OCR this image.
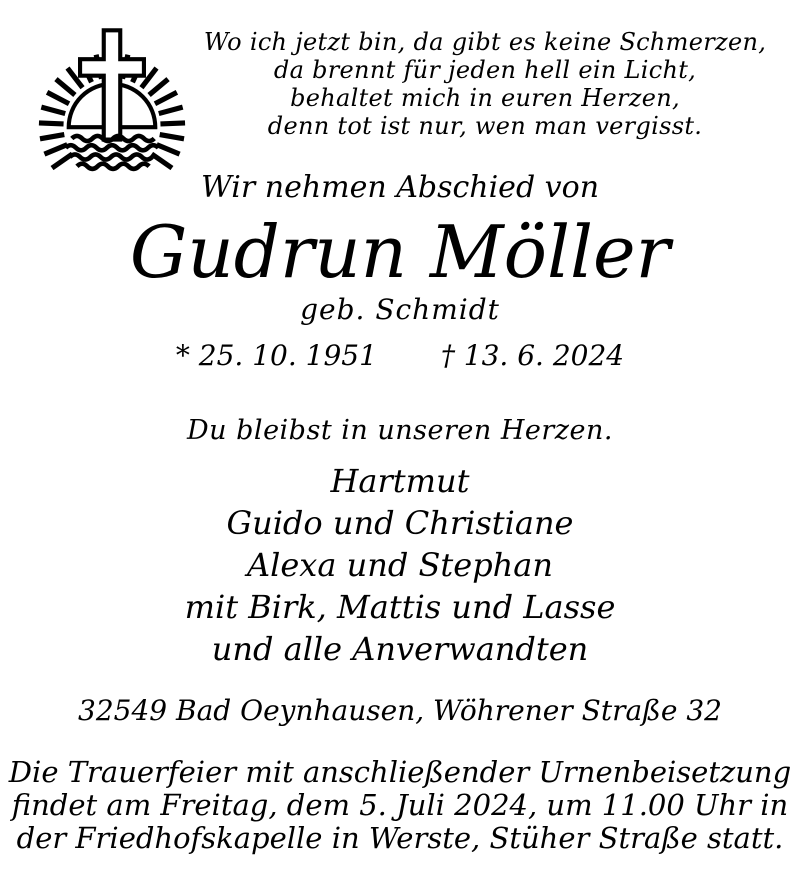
Wo ich jetzt bin, da gibt es keine Schmerzen,
da brennt für jeden hell ein Licht,
behaltet mich in euren Herzen,
denn tot ist nur, wen man vergisst.
Wir nehmen Abschied von
Gudrun Möller
geb. Schmidt
* 25. 10. 1951 † 13. 6. 2024
Du bleibst in unseren Herzen.
Hartmut
Guido und Christiane
Alexa und Stephan
mit Birk, Mattis und Lasse
und alle Anverwandten
32549 Bad Oeynhausen, Wöhrener Straße 32
Die Trauerfeier mit anschließender Urnenbeisetzung
findet am Freitag, dem 5. Juli 2024, um 11.00 Uhr in
der Friedhofskapelle in Werste, Stüher Straße statt.
